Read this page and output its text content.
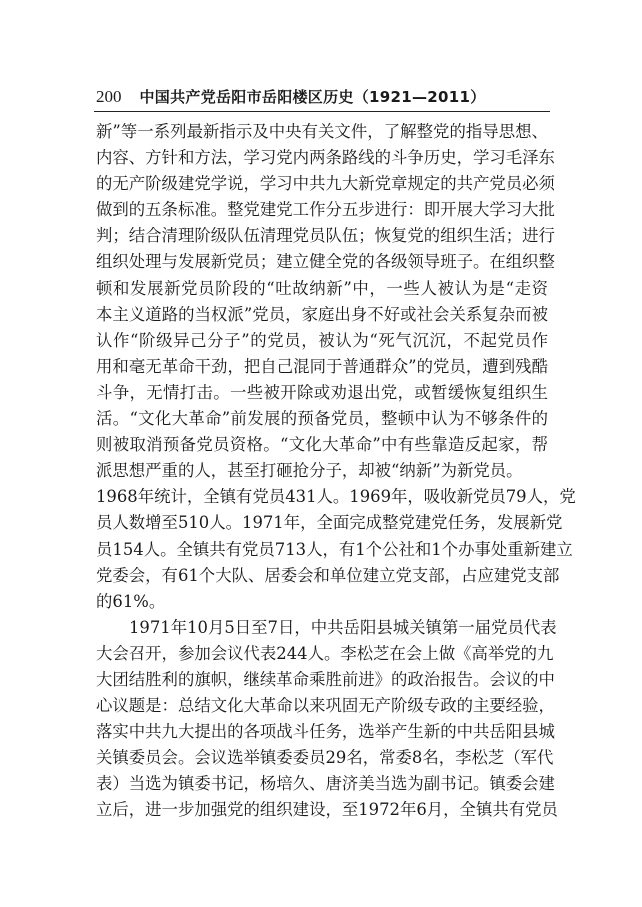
200 中国共产党岳阳市岳阳楼区历史（1921—2011）
新”等一系列最新指示及中央有关文件，了解整党的指导思想、
内容、方针和方法，学习党内两条路线的斗争历史，学习毛泽东
的无产阶级建党学说，学习中共九大新党章规定的共产党员必须
做到的五条标准。整党建党工作分五步进行：即开展大学习大批
判；结合清理阶级队伍清理党员队伍；恢复党的组织生活；进行
组织处理与发展新党员；建立健全党的各级领导班子。在组织整
顿和发展新党员阶段的“吐故纳新”中，一些人被认为是“走资
本主义道路的当权派”党员，家庭出身不好或社会关系复杂而被
认作“阶级异己分子”的党员，被认为“死气沉沉，不起党员作
用和毫无革命干劲，把自己混同于普通群众”的党员，遭到残酷
斗争，无情打击。一些被开除或劝退出党，或暂缓恢复组织生
活。“文化大革命”前发展的预备党员，整顿中认为不够条件的
则被取消预备党员资格。“文化大革命”中有些靠造反起家，帮
派思想严重的人，甚至打砸抢分子，却被“纳新”为新党员。
1968年统计，全镇有党员431人。1969年，吸收新党员79人，党
员人数增至510人。1971年，全面完成整党建党任务，发展新党
员154人。全镇共有党员713人，有1个公社和1个办事处重新建立
党委会，有61个大队、居委会和单位建立党支部，占应建党支部
的61%。
1971年10月5日至7日，中共岳阳县城关镇第一届党员代表
大会召开，参加会议代表244人。李松芝在会上做《高举党的九
大团结胜利的旗帜，继续革命乘胜前进》的政治报告。会议的中
心议题是：总结文化大革命以来巩固无产阶级专政的主要经验，
落实中共九大提出的各项战斗任务，选举产生新的中共岳阳县城
关镇委员会。会议选举镇委委员29名，常委8名，李松芝（军代
表）当选为镇委书记，杨培久、唐济美当选为副书记。镇委会建
立后，进一步加强党的组织建设，至1972年6月，全镇共有党员
